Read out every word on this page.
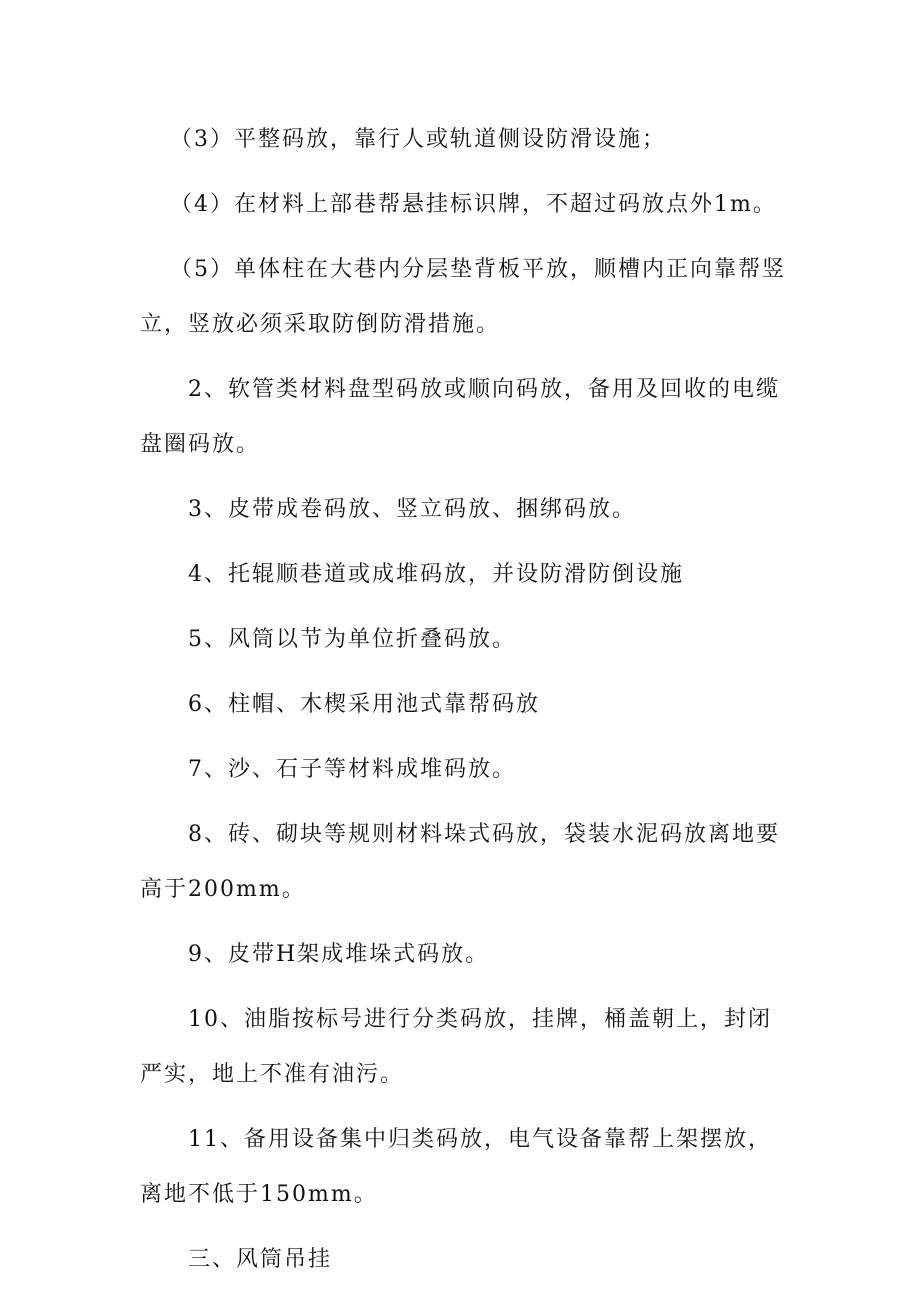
（3）平整码放，靠行人或轨道侧设防滑设施；

（4）在材料上部巷帮悬挂标识牌，不超过码放点外1m。

（5）单体柱在大巷内分层垫背板平放，顺槽内正向靠帮竖立，竖放必须采取防倒防滑措施。

2、软管类材料盘型码放或顺向码放，备用及回收的电缆盘圈码放。

3、皮带成卷码放、竖立码放、捆绑码放。

4、托辊顺巷道或成堆码放，并设防滑防倒设施

5、风筒以节为单位折叠码放。

6、柱帽、木楔采用池式靠帮码放

7、沙、石子等材料成堆码放。

8、砖、砌块等规则材料垛式码放，袋装水泥码放离地要高于200mm。

9、皮带H架成堆垛式码放。

10、油脂按标号进行分类码放，挂牌，桶盖朝上，封闭严实，地上不准有油污。

11、备用设备集中归类码放，电气设备靠帮上架摆放，离地不低于150mm。

三、风筒吊挂
